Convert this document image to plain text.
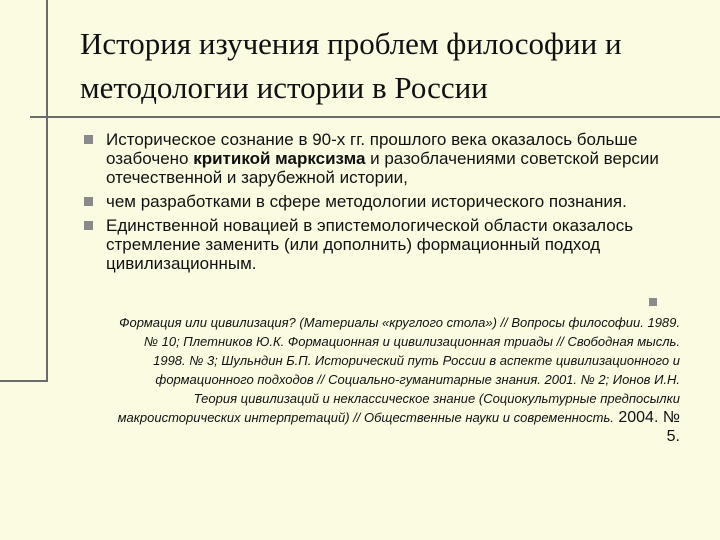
История изучения проблем философии и
методологии истории в России
Историческое сознание в 90-х гг. прошлого века оказалось больше озабочено критикой марксизма и разоблачениями советской версии отечественной и зарубежной истории,
чем разработками в сфере методологии исторического познания.
Единственной новацией в эпистемологической области оказалось стремление заменить (или дополнить) формационный подход цивилизационным.
Формация или цивилизация? (Материалы «круглого стола») // Вопросы философии. 1989. № 10; Плетников Ю.К. Формационная и цивилизационная триады // Свободная мысль. 1998. № 3; Шульндин Б.П. Исторический путь России в аспекте цивилизационного и формационного подходов // Социально-гуманитарные знания. 2001. № 2; Ионов И.Н. Теория цивилизаций и неклассическое знание (Социокультурные предпосылки макроисторических интерпретаций) // Общественные науки и современность. 2004. № 5.
